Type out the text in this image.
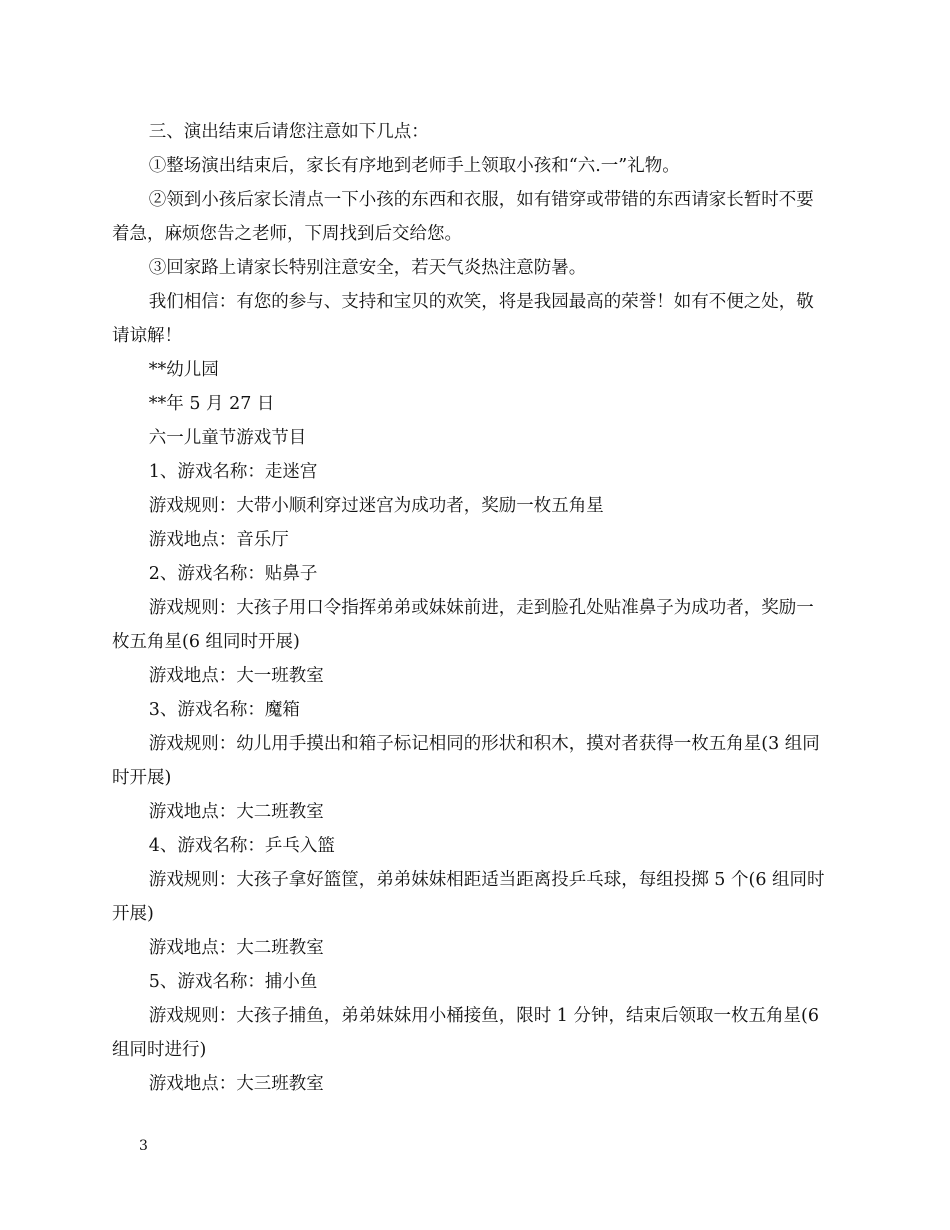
三、演出结束后请您注意如下几点：

①整场演出结束后，家长有序地到老师手上领取小孩和“六.一”礼物。

②领到小孩后家长清点一下小孩的东西和衣服，如有错穿或带错的东西请家长暂时不要着急，麻烦您告之老师，下周找到后交给您。

③回家路上请家长特别注意安全，若天气炎热注意防暑。

我们相信：有您的参与、支持和宝贝的欢笑，将是我园最高的荣誉！如有不便之处，敬请谅解！

**幼儿园

**年 5 月 27 日

六一儿童节游戏节目

1、游戏名称：走迷宫

游戏规则：大带小顺利穿过迷宫为成功者，奖励一枚五角星

游戏地点：音乐厅

2、游戏名称：贴鼻子

游戏规则：大孩子用口令指挥弟弟或妹妹前进，走到脸孔处贴准鼻子为成功者，奖励一枚五角星(6 组同时开展)

游戏地点：大一班教室

3、游戏名称：魔箱

游戏规则：幼儿用手摸出和箱子标记相同的形状和积木，摸对者获得一枚五角星(3 组同时开展)

游戏地点：大二班教室

4、游戏名称：乒乓入篮

游戏规则：大孩子拿好篮筐，弟弟妹妹相距适当距离投乒乓球，每组投掷 5 个(6 组同时开展)

游戏地点：大二班教室

5、游戏名称：捕小鱼

游戏规则：大孩子捕鱼，弟弟妹妹用小桶接鱼，限时 1 分钟，结束后领取一枚五角星(6 组同时进行)

游戏地点：大三班教室

3
